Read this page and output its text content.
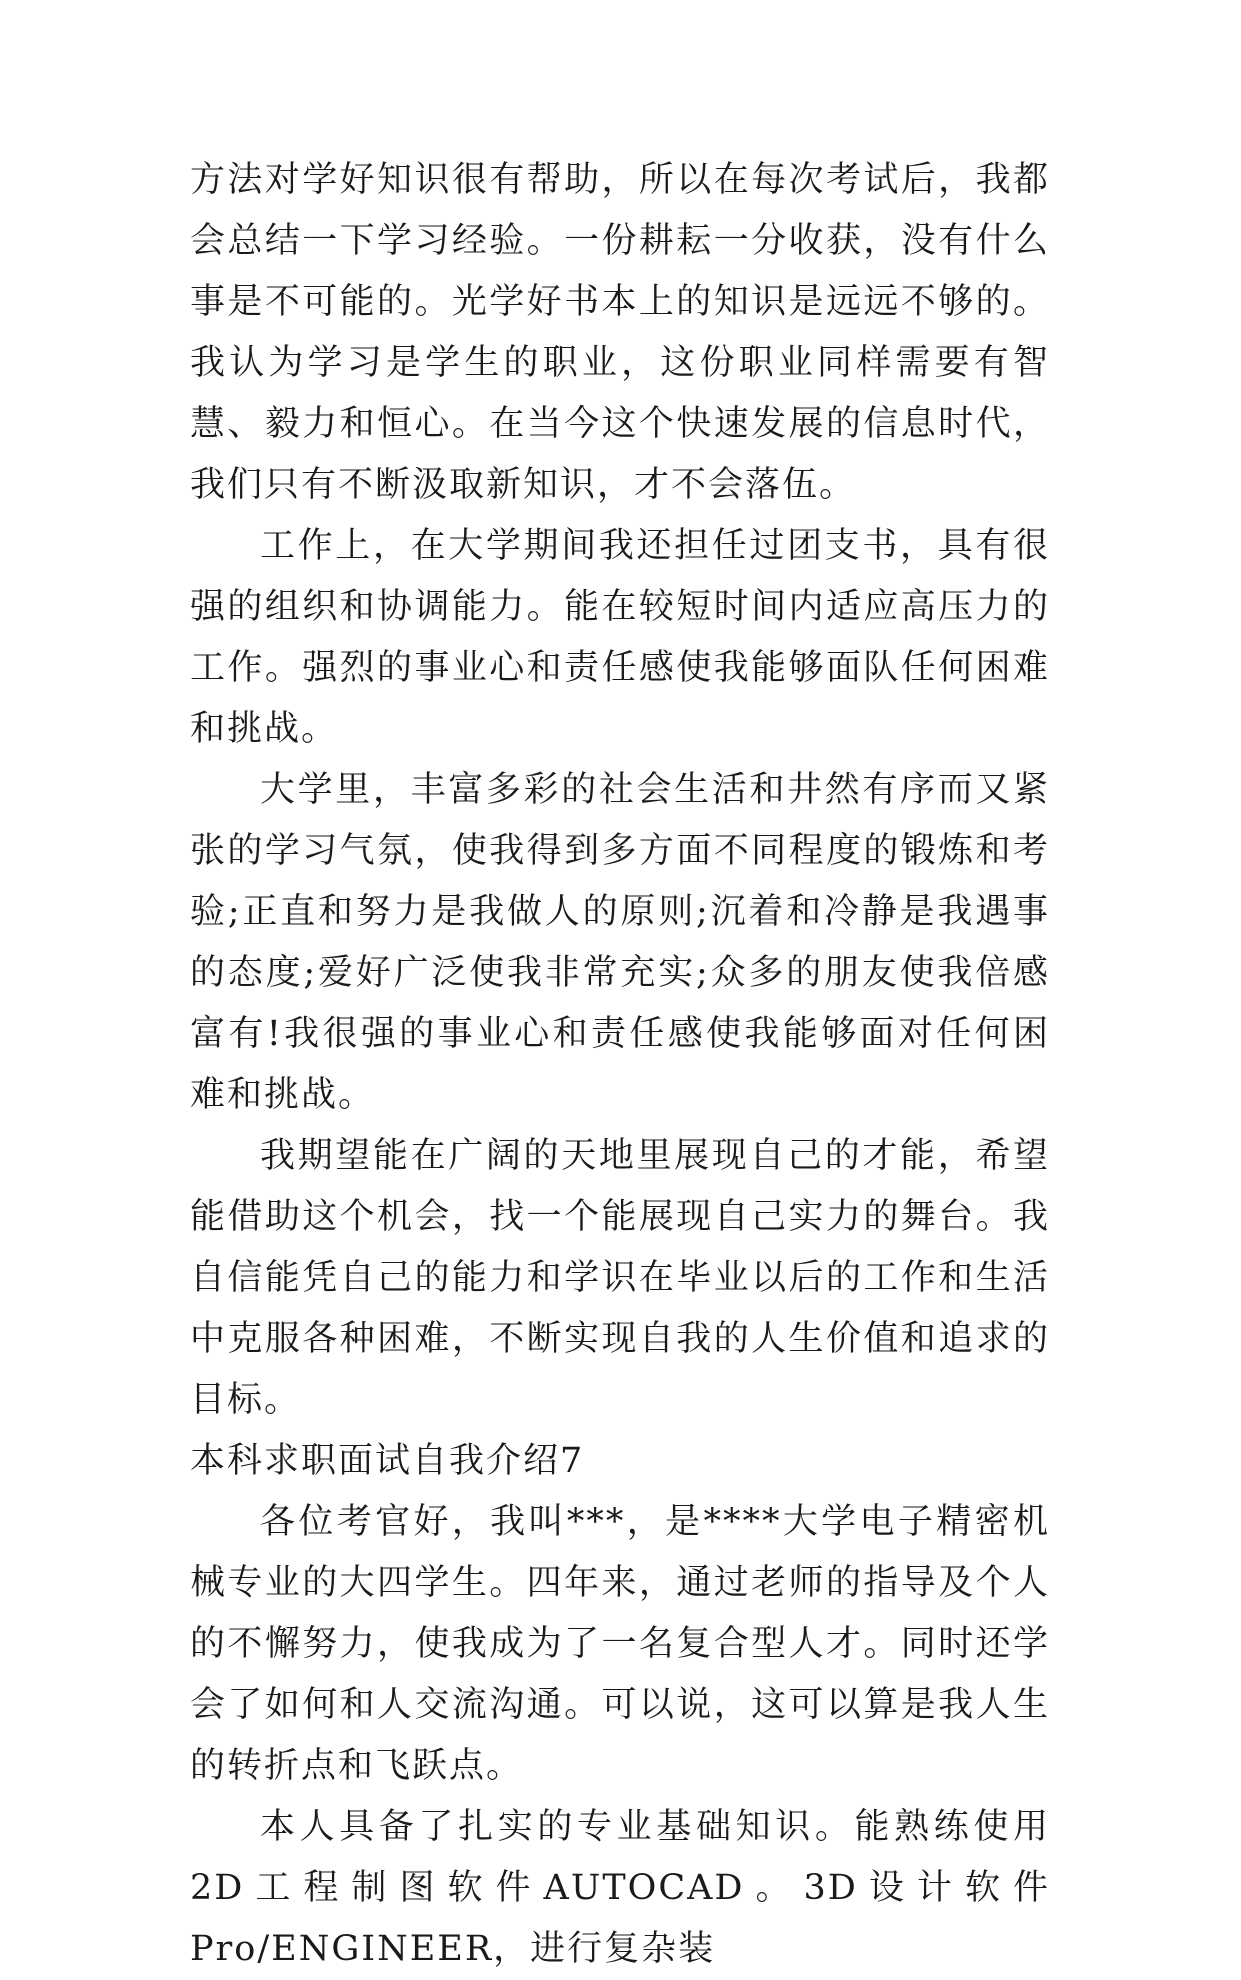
方法对学好知识很有帮助，所以在每次考试后，我都会总结一下学习经验。一份耕耘一分收获，没有什么事是不可能的。光学好书本上的知识是远远不够的。我认为学习是学生的职业，这份职业同样需要有智慧、毅力和恒心。在当今这个快速发展的信息时代，我们只有不断汲取新知识，才不会落伍。

工作上，在大学期间我还担任过团支书，具有很强的组织和协调能力。能在较短时间内适应高压力的工作。强烈的事业心和责任感使我能够面队任何困难和挑战。

大学里，丰富多彩的社会生活和井然有序而又紧张的学习气氛，使我得到多方面不同程度的锻炼和考验;正直和努力是我做人的原则;沉着和冷静是我遇事的态度;爱好广泛使我非常充实;众多的朋友使我倍感富有!我很强的事业心和责任感使我能够面对任何困难和挑战。

我期望能在广阔的天地里展现自己的才能，希望能借助这个机会，找一个能展现自己实力的舞台。我自信能凭自己的能力和学识在毕业以后的工作和生活中克服各种困难，不断实现自我的人生价值和追求的目标。

本科求职面试自我介绍7

各位考官好，我叫***，是****大学电子精密机械专业的大四学生。四年来，通过老师的指导及个人的不懈努力，使我成为了一名复合型人才。同时还学会了如何和人交流沟通。可以说，这可以算是我人生的转折点和飞跃点。

本人具备了扎实的专业基础知识。能熟练使用2D工程制图软件AUTOCAD。3D设计软件Pro/ENGINEER，进行复杂装
